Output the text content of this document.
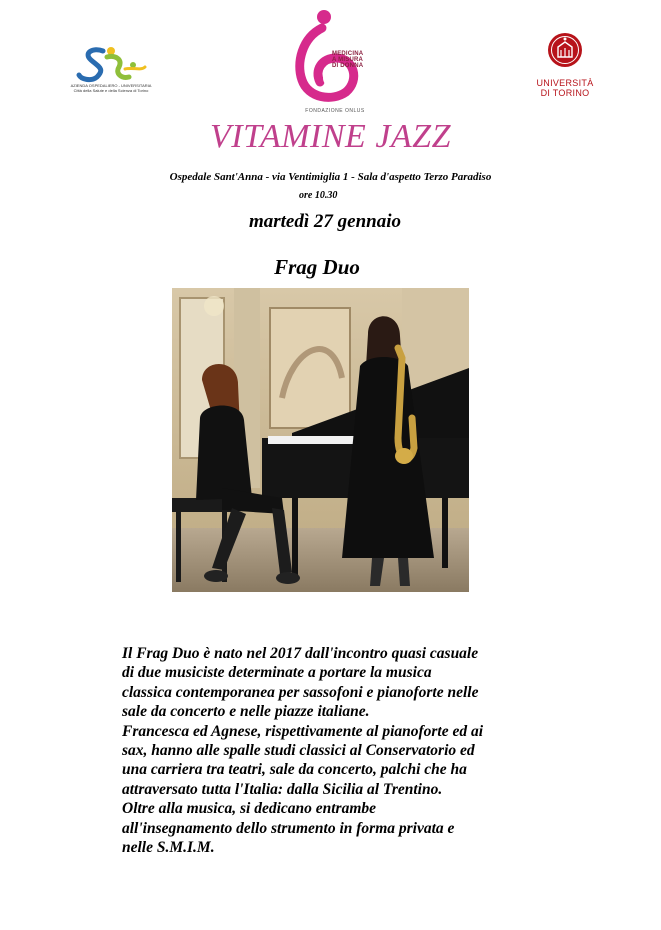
AZIENDA OSPEDALIERO - UNIVERSITARIA
Città della Salute e della Scienza di Torino
MEDICINA
A MISURA
DI DONNA
FONDAZIONE ONLUS
UNIVERSITÀ
DI TORINO
VITAMINE JAZZ
Ospedale Sant'Anna - via Ventimiglia 1 - Sala d'aspetto Terzo Paradiso
ore 10.30
martedì 27 gennaio
Frag Duo
Il Frag Duo è nato nel 2017 dall'incontro quasi casuale
di due musiciste determinate a portare la musica
classica contemporanea per sassofoni e pianoforte nelle
sale da concerto e nelle piazze italiane.
Francesca ed Agnese, rispettivamente al pianoforte ed ai
sax, hanno alle spalle studi classici al Conservatorio ed
una carriera tra teatri, sale da concerto, palchi che ha
attraversato tutta l'Italia: dalla Sicilia al Trentino.
Oltre alla musica, si dedicano entrambe
all'insegnamento dello strumento in forma privata e
nelle S.M.I.M.
